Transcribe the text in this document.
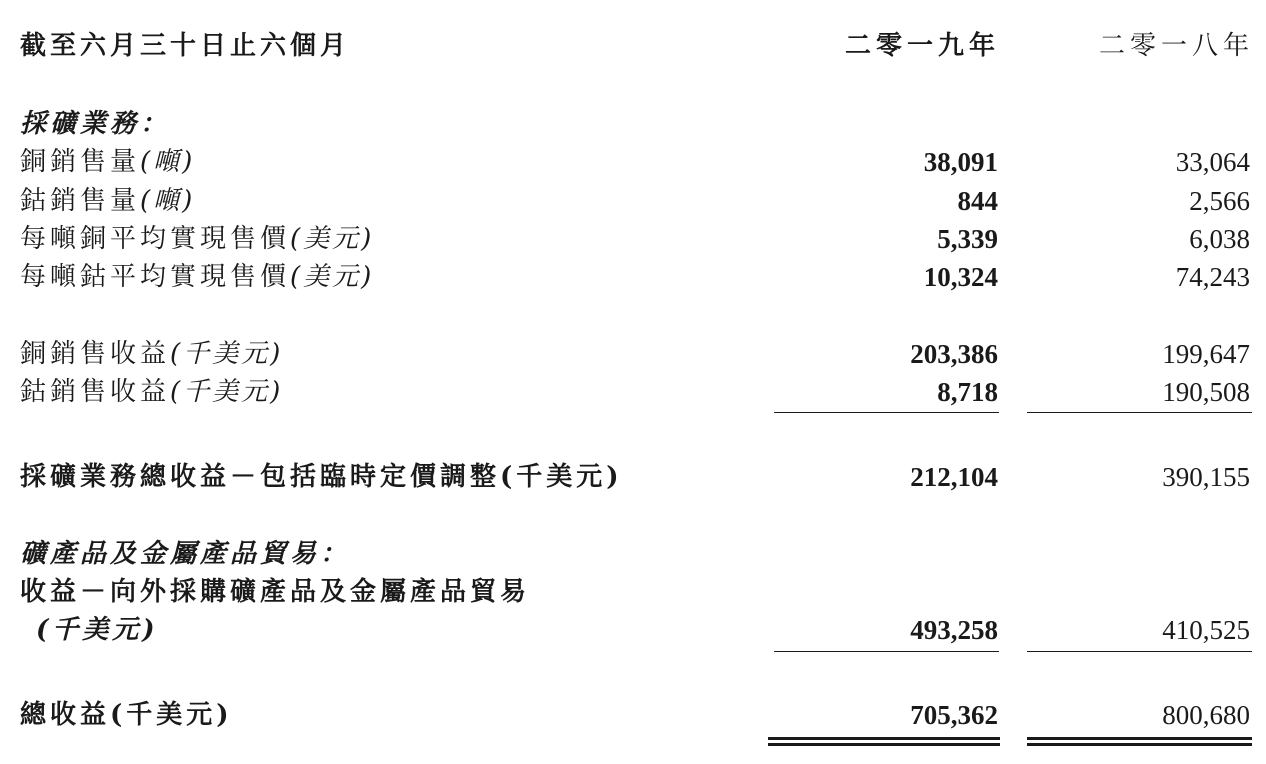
截至六月三十日止六個月	二零一九年	二零一八年
採礦業務：
銅銷售量(噸)	38,091	33,064
鈷銷售量(噸)	844	2,566
每噸銅平均實現售價(美元)	5,339	6,038
每噸鈷平均實現售價(美元)	10,324	74,243
銅銷售收益(千美元)	203,386	199,647
鈷銷售收益(千美元)	8,718	190,508
採礦業務總收益－包括臨時定價調整(千美元)	212,104	390,155
礦產品及金屬產品貿易：
收益－向外採購礦產品及金屬產品貿易
(千美元)	493,258	410,525
總收益(千美元)	705,362	800,680
